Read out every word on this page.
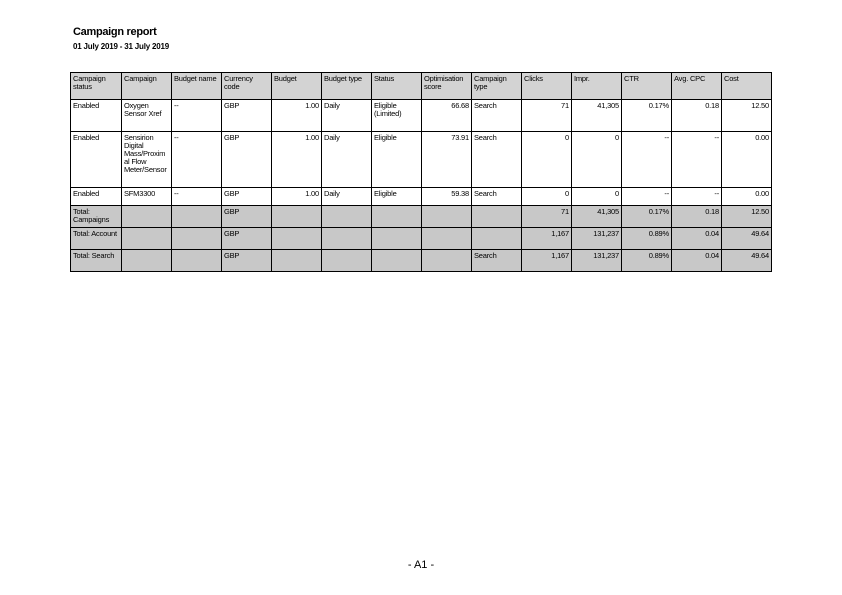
Campaign report
01 July 2019 - 31 July 2019
Campaign status	Campaign	Budget name	Currency code	Budget	Budget type	Status	Optimisation score	Campaign type	Clicks	Impr.	CTR	Avg. CPC	Cost
Enabled	Oxygen Sensor Xref	--	GBP	1.00	Daily	Eligible (Limited)	66.68	Search	71	41,305	0.17%	0.18	12.50
Enabled	Sensirion Digital Mass/Proximal Flow Meter/Sensor	--	GBP	1.00	Daily	Eligible	73.91	Search	0	0	--	--	0.00
Enabled	SFM3300	--	GBP	1.00	Daily	Eligible	59.38	Search	0	0	--	--	0.00
Total: Campaigns			GBP						71	41,305	0.17%	0.18	12.50
Total: Account			GBP						1,167	131,237	0.89%	0.04	49.64
Total: Search			GBP					Search	1,167	131,237	0.89%	0.04	49.64
- A1 -
